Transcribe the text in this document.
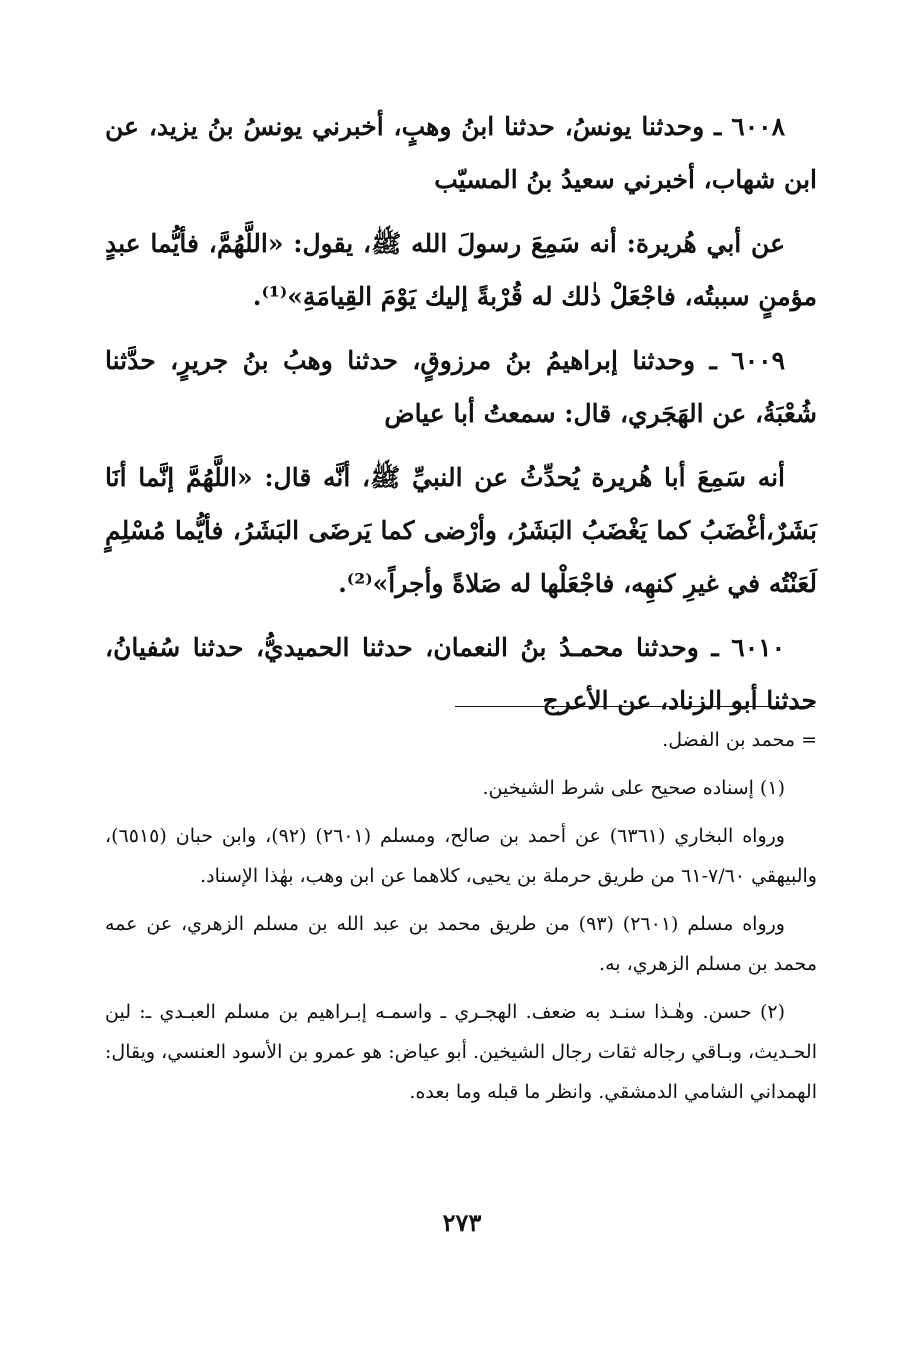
٦٠٠٨ ـ وحدثنا يونسُ، حدثنا ابنُ وهبٍ، أخبرني يونسُ بنُ يزيد، عن ابن شهاب، أخبرني سعيدُ بنُ المسيّب

عن أبي هُريرة: أنه سَمِعَ رسولَ الله ﷺ، يقول: «اللَّهُمَّ، فأيُّما عبدٍ مؤمنٍ سببتُه، فاجْعَلْ ذٰلك له قُرْبةً إليك يَوْمَ القِيامَةِ»⁽¹⁾.

٦٠٠٩ ـ وحدثنا إبراهيمُ بنُ مرزوقٍ، حدثنا وهبُ بنُ جريرٍ، حدَّثنا شُعْبَةُ، عن الهَجَري، قال: سمعتُ أبا عياض

أنه سَمِعَ أبا هُريرة يُحدِّثُ عن النبيِّ ﷺ، أنَّه قال: «اللَّهُمَّ إنَّما أنَا بَشَرٌ،أغْضَبُ كما يَغْضَبُ البَشَرُ، وأرْضى كما يَرضَى البَشَرُ، فأيُّما مُسْلِمٍ لَعَنْتُه في غيرِ كنهِه، فاجْعَلْها له صَلاةً وأجراً»⁽²⁾.

٦٠١٠ ـ وحدثنا محمـدُ بنُ النعمان، حدثنا الحميديُّ، حدثنا سُفيانُ، حدثنا أبو الزناد، عن الأعرج

= محمد بن الفضل.

(١) إسناده صحيح على شرط الشيخين.

ورواه البخاري (٦٣٦١) عن أحمد بن صالح، ومسلم (٢٦٠١) (٩٢)، وابن حبان (٦٥١٥)، والبيهقي ٧/٦٠-٦١ من طريق حرملة بن يحيى، كلاهما عن ابن وهب، بهٰذا الإسناد.

ورواه مسلم (٢٦٠١) (٩٣) من طريق محمد بن عبد الله بن مسلم الزهري، عن عمه محمد بن مسلم الزهري، به.

(٢) حسن. وهٰـذا سنـد به ضعف. الهجـري ـ واسمـه إبـراهيم بن مسلم العبـدي ـ: لين الحـديث، وبـاقي رجاله ثقات رجال الشيخين. أبو عياض: هو عمرو بن الأسود العنسي، ويقال: الهمداني الشامي الدمشقي. وانظر ما قبله وما بعده.

٢٧٣
